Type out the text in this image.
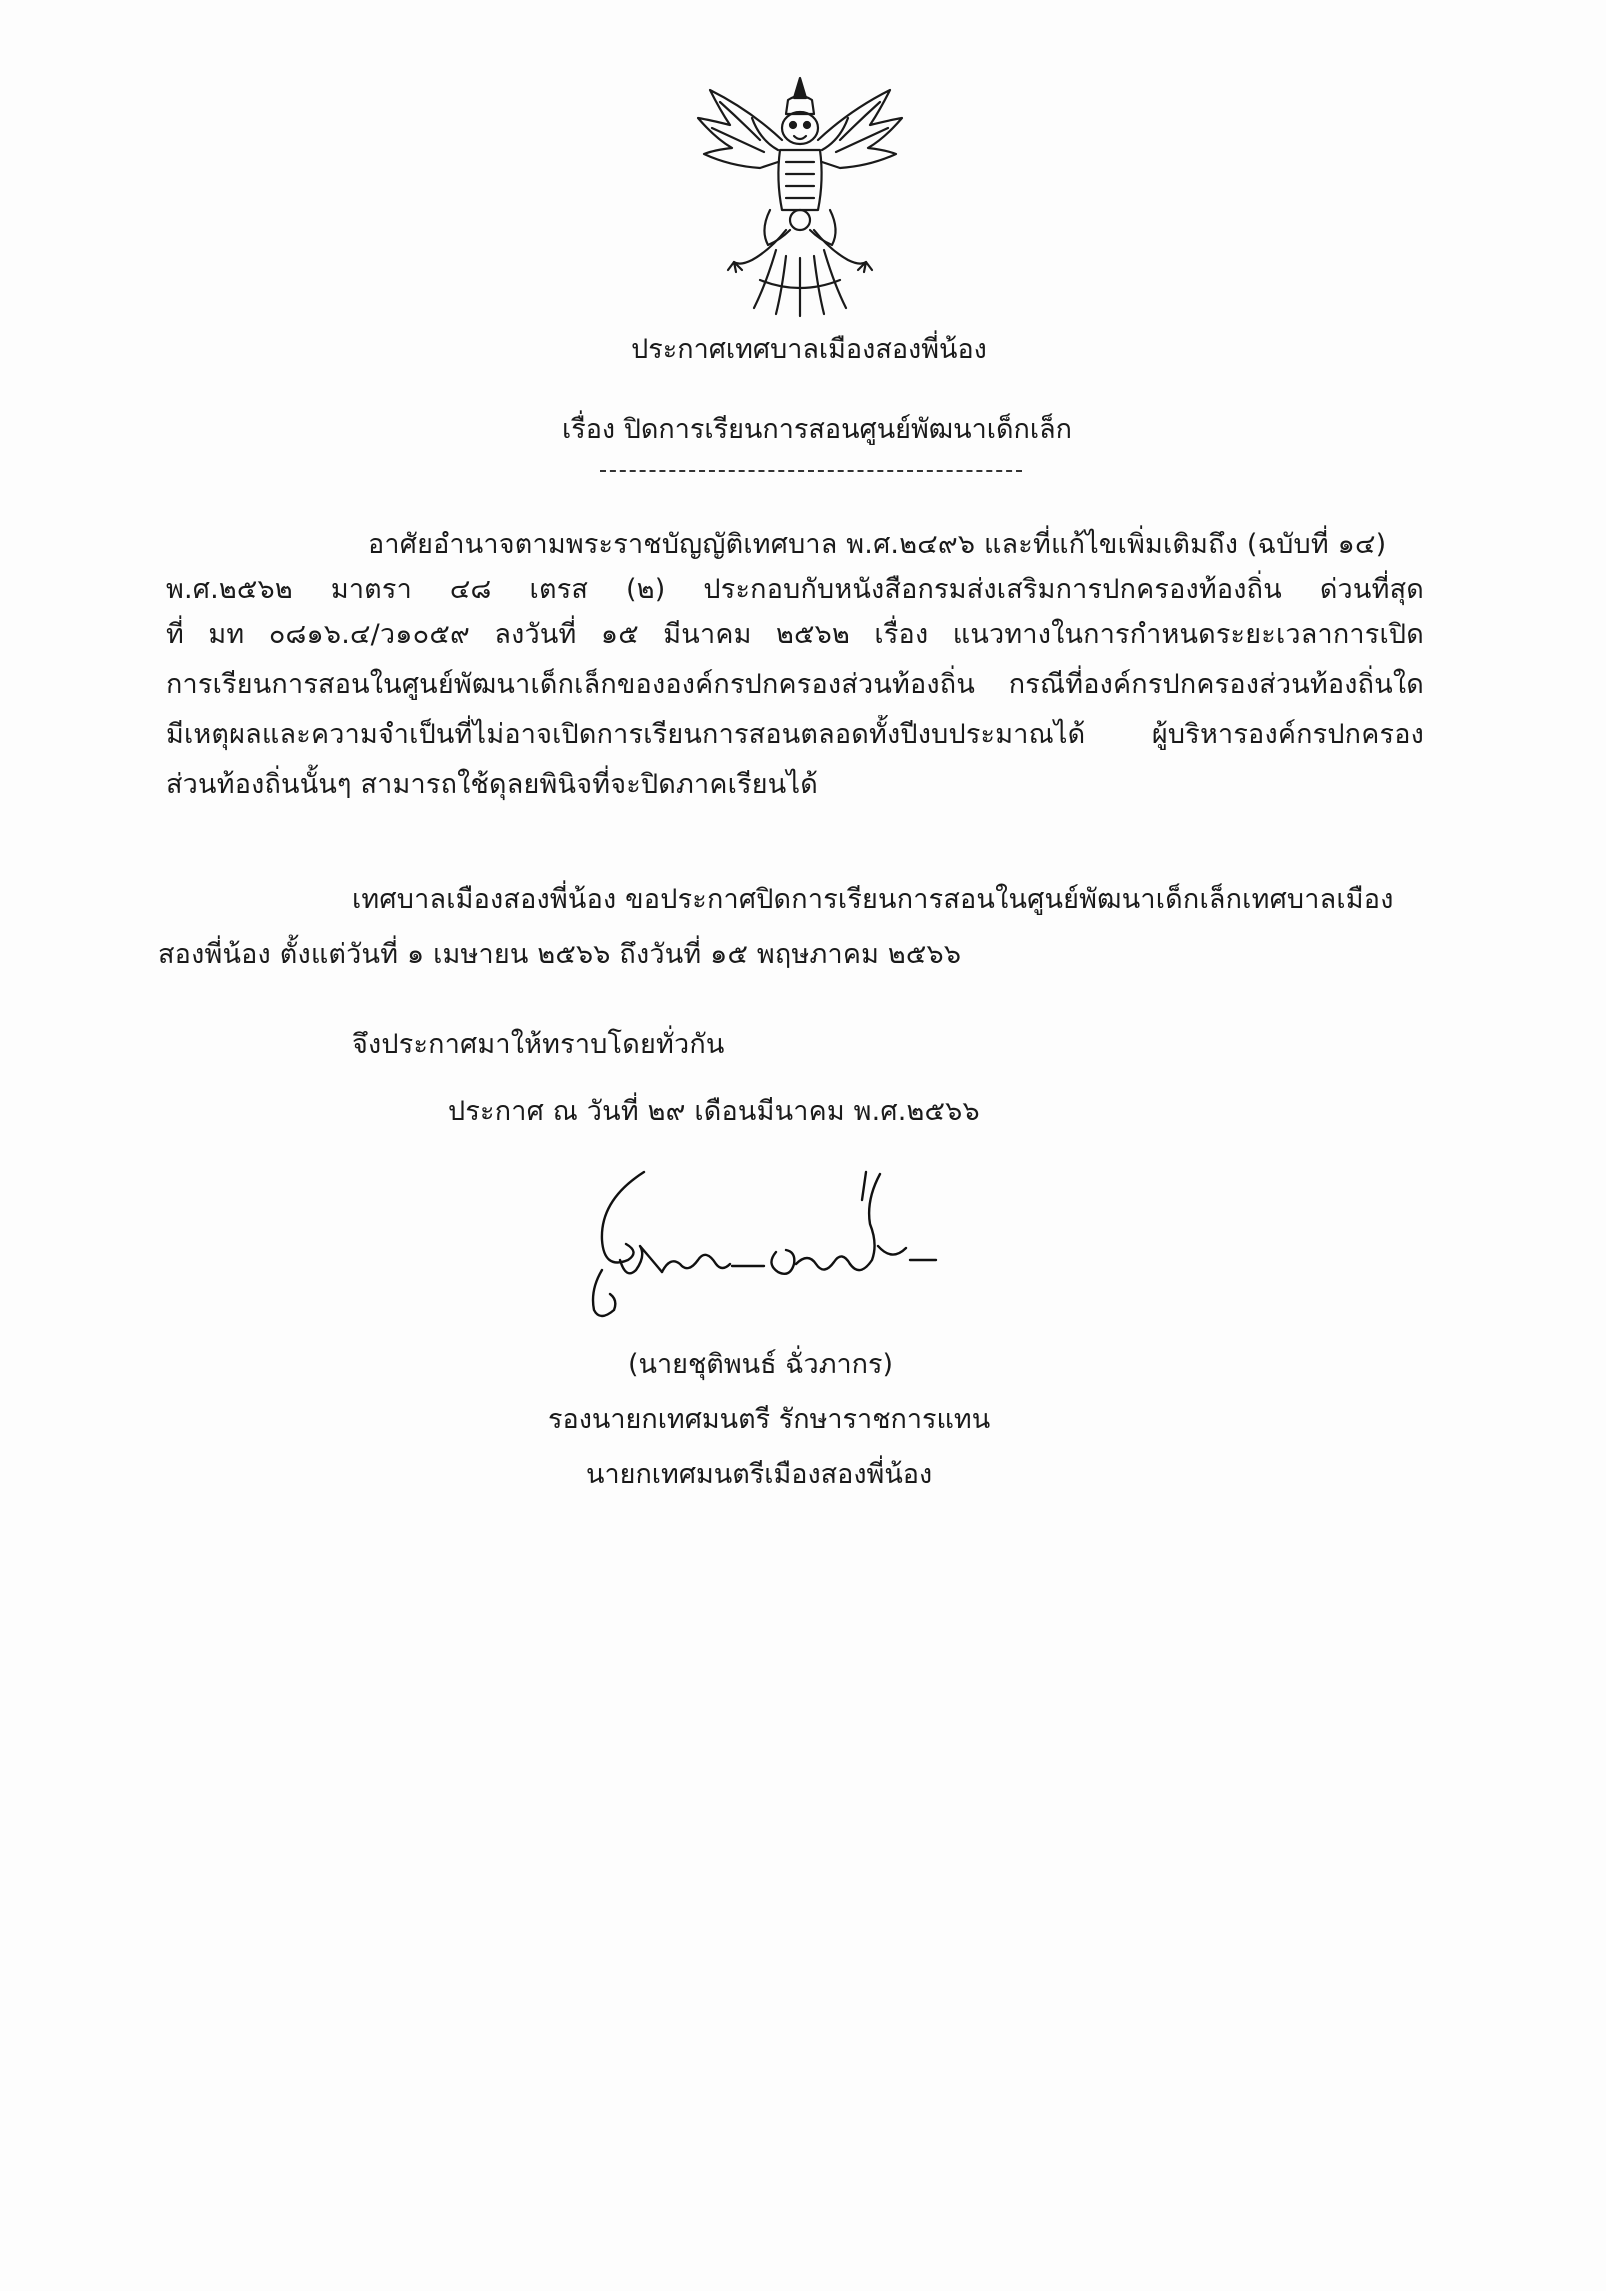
ประกาศเทศบาลเมืองสองพี่น้อง
เรื่อง ปิดการเรียนการสอนศูนย์พัฒนาเด็กเล็ก
อาศัยอำนาจตามพระราชบัญญัติเทศบาล พ.ศ.๒๔๙๖ และที่แก้ไขเพิ่มเติมถึง (ฉบับที่ ๑๔)
พ.ศ.๒๕๖๒ มาตรา ๔๘ เตรส (๒) ประกอบกับหนังสือกรมส่งเสริมการปกครองท้องถิ่น ด่วนที่สุด
ที่ มท ๐๘๑๖.๔/ว๑๐๕๙ ลงวันที่ ๑๕ มีนาคม ๒๕๖๒ เรื่อง แนวทางในการกำหนดระยะเวลาการเปิด
การเรียนการสอนในศูนย์พัฒนาเด็กเล็กขององค์กรปกครองส่วนท้องถิ่น กรณีที่องค์กรปกครองส่วนท้องถิ่นใด
มีเหตุผลและความจำเป็นที่ไม่อาจเปิดการเรียนการสอนตลอดทั้งปีงบประมาณได้ ผู้บริหารองค์กรปกครอง
ส่วนท้องถิ่นนั้นๆ สามารถใช้ดุลยพินิจที่จะปิดภาคเรียนได้
เทศบาลเมืองสองพี่น้อง ขอประกาศปิดการเรียนการสอนในศูนย์พัฒนาเด็กเล็กเทศบาลเมือง
สองพี่น้อง ตั้งแต่วันที่ ๑ เมษายน ๒๕๖๖ ถึงวันที่ ๑๕ พฤษภาคม ๒๕๖๖
จึงประกาศมาให้ทราบโดยทั่วกัน
ประกาศ ณ วันที่ ๒๙ เดือนมีนาคม พ.ศ.๒๕๖๖
(นายชุติพนธ์ ฉั่วภากร)
รองนายกเทศมนตรี รักษาราชการแทน
นายกเทศมนตรีเมืองสองพี่น้อง
